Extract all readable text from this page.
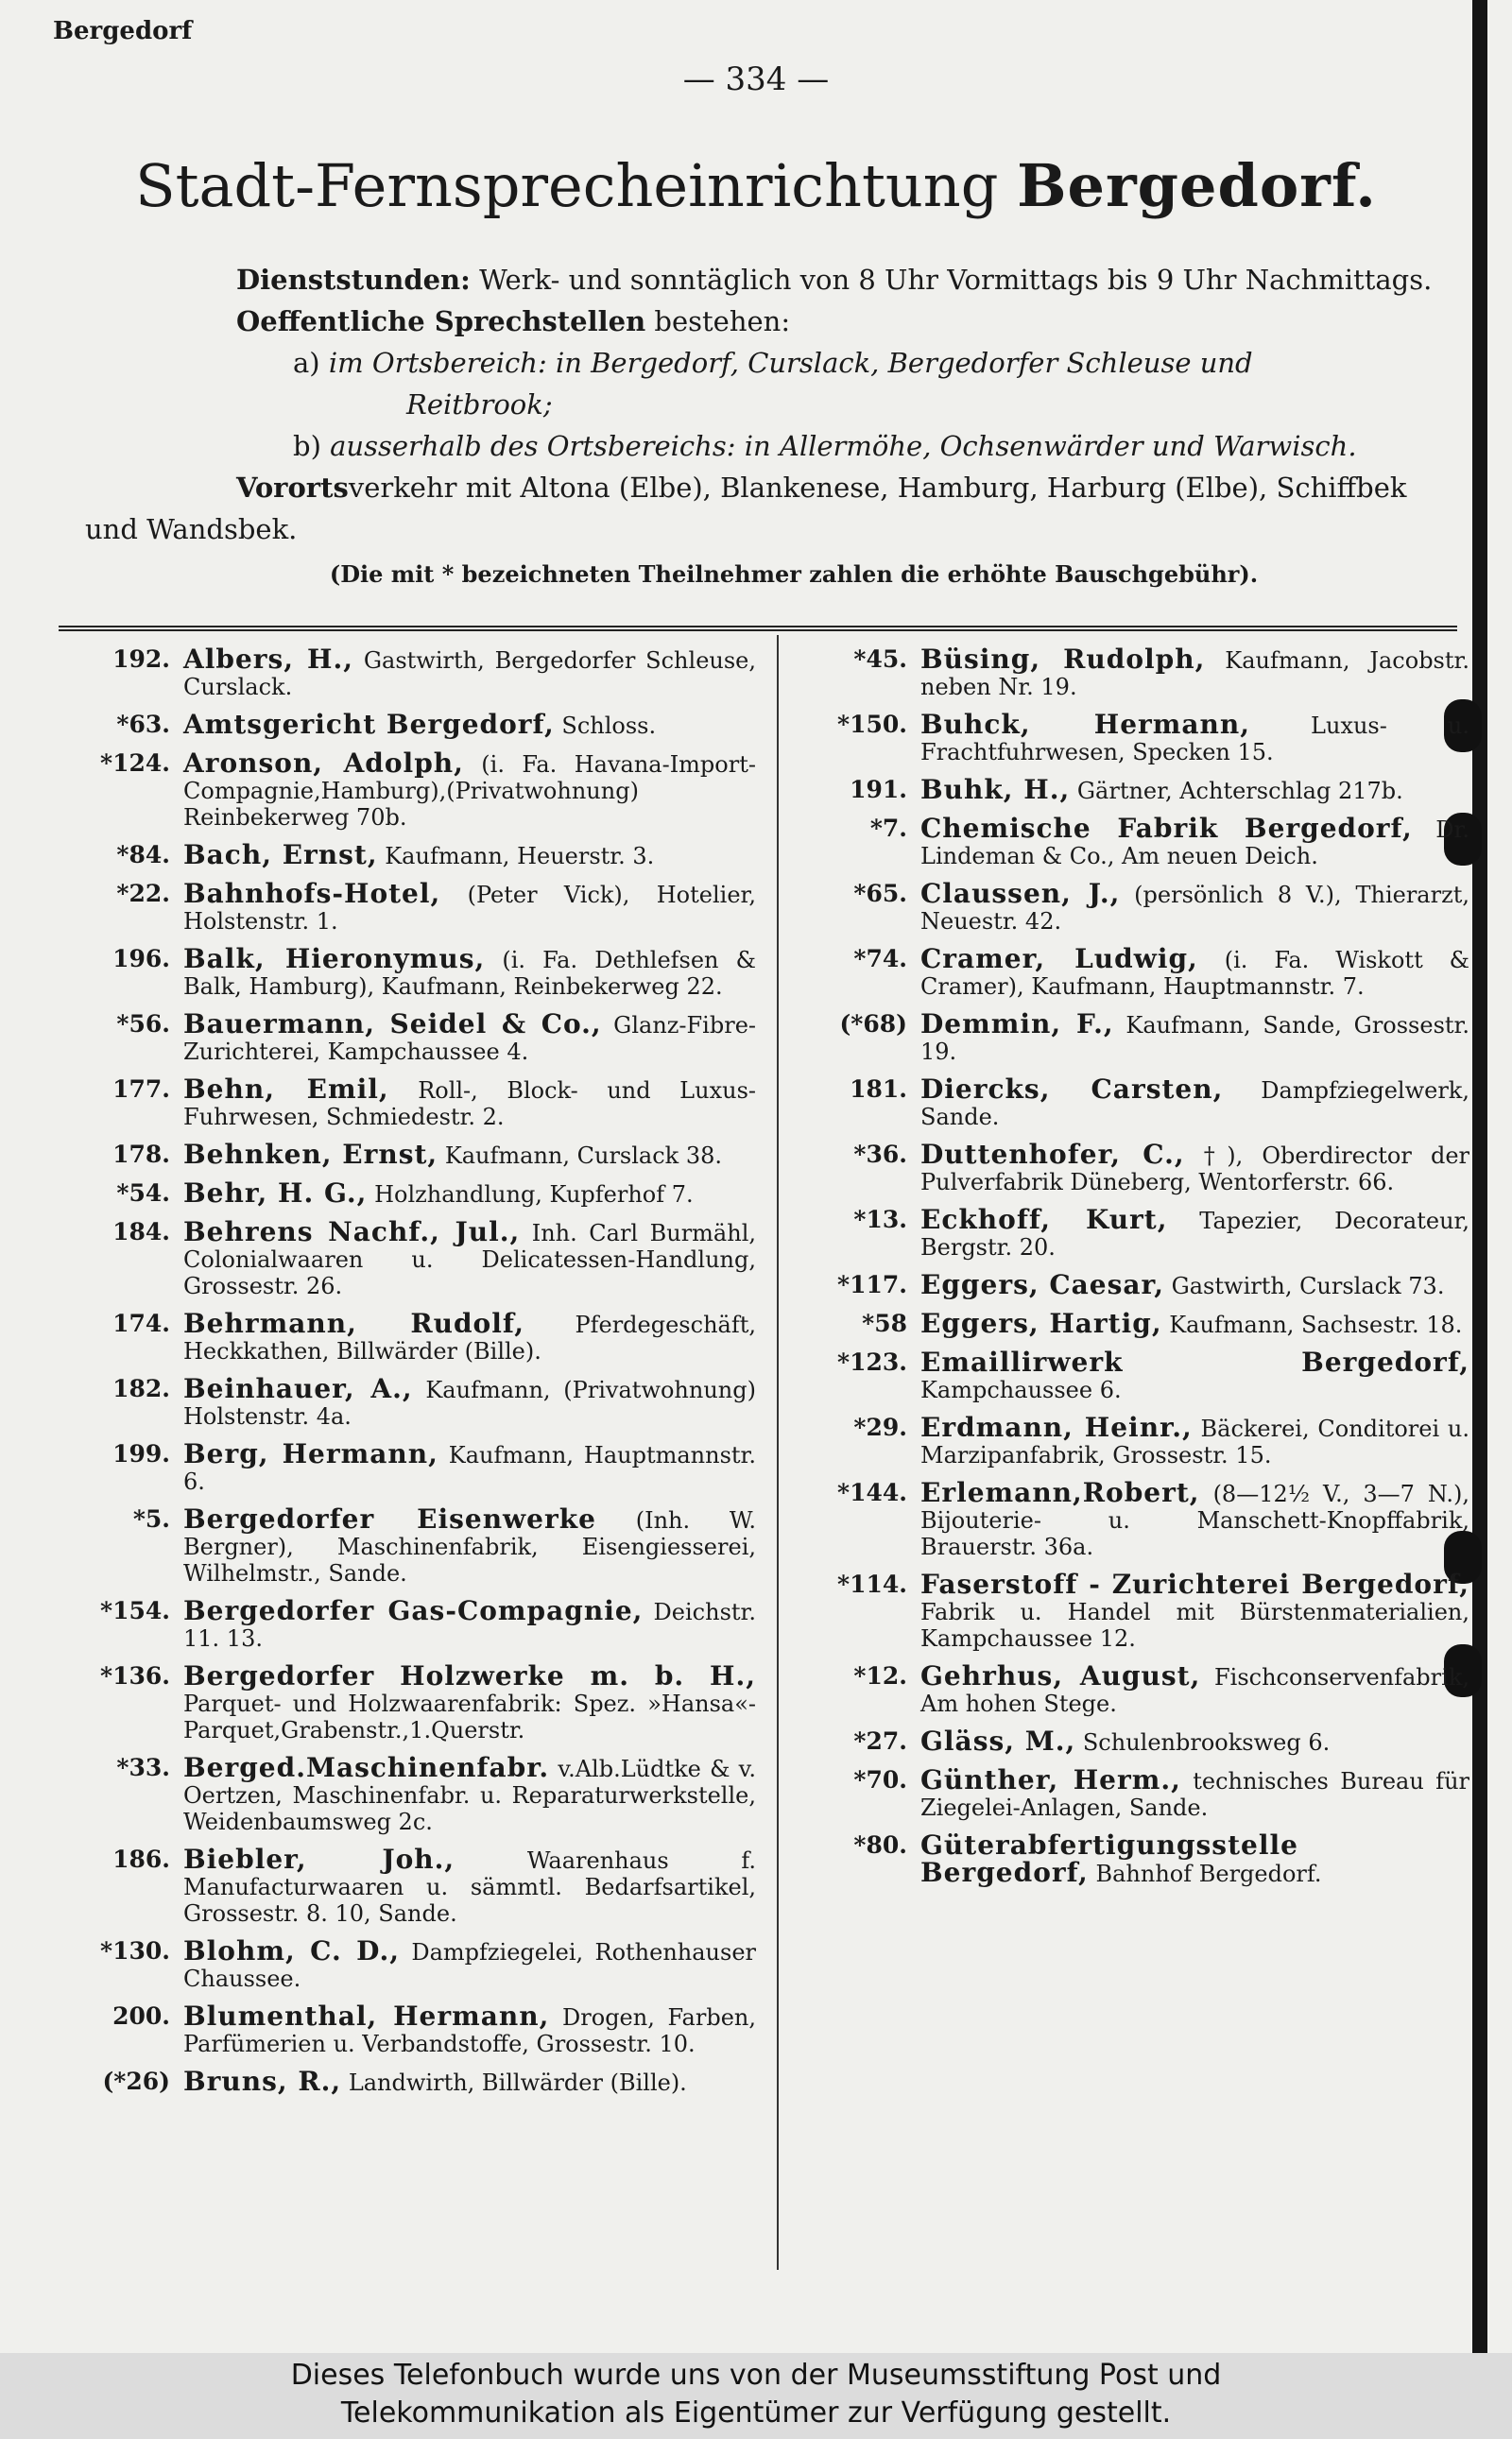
Bergedorf
— 334 —
Stadt-Fernsprecheinrichtung Bergedorf.

Dienststunden: Werk- und sonntäglich von 8 Uhr Vormittags bis 9 Uhr Nachmittags.

Oeffentliche Sprechstellen bestehen:

a) im Ortsbereich: in Bergedorf, Curslack, Bergedorfer Schleuse und

Reitbrook;

b) ausserhalb des Ortsbereichs: in Allermöhe, Ochsenwärder und Warwisch.

Vorortsverkehr mit Altona (Elbe), Blankenese, Hamburg, Harburg (Elbe), Schiffbek

und Wandsbek.

(Die mit * bezeichneten Theilnehmer zahlen die erhöhte Bauschgebühr).

192. Albers, H., Gastwirth, Bergedorfer Schleuse, Curslack.
*63. Amtsgericht Bergedorf, Schloss.
*124. Aronson, Adolph, (i. Fa. Havana-Import-Compagnie,Hamburg),(Privatwohnung) Reinbekerweg 70b.
*84. Bach, Ernst, Kaufmann, Heuerstr. 3.
*22. Bahnhofs-Hotel, (Peter Vick), Hotelier, Holstenstr. 1.
196. Balk, Hieronymus, (i. Fa. Dethlefsen & Balk, Hamburg), Kaufmann, Reinbekerweg 22.
*56. Bauermann, Seidel & Co., Glanz-Fibre-Zurichterei, Kampchaussee 4.
177. Behn, Emil, Roll-, Block- und Luxus-Fuhrwesen, Schmiedestr. 2.
178. Behnken, Ernst, Kaufmann, Curslack 38.
*54. Behr, H. G., Holzhandlung, Kupferhof 7.
184. Behrens Nachf., Jul., Inh. Carl Burmähl, Colonialwaaren u. Delicatessen-Handlung, Grossestr. 26.
174. Behrmann, Rudolf, Pferdegeschäft, Heckkathen, Billwärder (Bille).
182. Beinhauer, A., Kaufmann, (Privatwohnung) Holstenstr. 4a.
199. Berg, Hermann, Kaufmann, Hauptmannstr. 6.
*5. Bergedorfer Eisenwerke (Inh. W. Bergner), Maschinenfabrik, Eisengiesserei, Wilhelmstr., Sande.
*154. Bergedorfer Gas-Compagnie, Deichstr. 11. 13.
*136. Bergedorfer Holzwerke m. b. H., Parquet- und Holzwaarenfabrik: Spez. »Hansa«-Parquet,Grabenstr.,1.Querstr.
*33. Berged.Maschinenfabr. v.Alb.Lüdtke & v. Oertzen, Maschinenfabr. u. Reparaturwerkstelle, Weidenbaumsweg 2c.
186. Biebler, Joh.,	Waarenhaus f. Manufacturwaaren u. sämmtl. Bedarfsartikel, Grossestr. 8. 10, Sande.
*130. Blohm, C. D., Dampfziegelei, Rothenhauser Chaussee.
200. Blumenthal, Hermann, Drogen, Farben, Parfümerien u. Verbandstoffe, Grossestr. 10.
(*26) Bruns, R., Landwirth, Billwärder (Bille).
*45. Büsing, Rudolph, Kaufmann, Jacobstr. neben Nr. 19.
*150. Buhck, Hermann,	Luxus- u. Frachtfuhrwesen, Specken 15.
191. Buhk, H., Gärtner, Achterschlag 217b.
*7. Chemische Fabrik Bergedorf, Dr. Lindeman & Co., Am neuen Deich.
*65. Claussen, J., (persönlich 8 V.), Thierarzt, Neuestr. 42.
*74. Cramer, Ludwig, (i. Fa. Wiskott & Cramer), Kaufmann, Hauptmannstr. 7.
(*68) Demmin, F., Kaufmann, Sande, Grossestr. 19.
181. Diercks, Carsten, Dampfziegelwerk, Sande.
*36. Duttenhofer, C., †), Oberdirector der Pulverfabrik Düneberg, Wentorferstr. 66.
*13. Eckhoff, Kurt, Tapezier, Decorateur, Bergstr. 20.
*117. Eggers, Caesar, Gastwirth, Curslack 73.
*58 Eggers, Hartig, Kaufmann, Sachsestr. 18.
*123. Emaillirwerk Bergedorf, Kampchaussee 6.
*29. Erdmann, Heinr., Bäckerei, Conditorei u. Marzipanfabrik, Grossestr. 15.
*144. Erlemann,Robert, (8—12½ V., 3—7 N.), Bijouterie- u. Manschett-Knopffabrik, Brauerstr. 36a.
*114. Faserstoff - Zurichterei Bergedorf, Fabrik u. Handel mit Bürstenmaterialien, Kampchaussee 12.
*12. Gehrhus, August, Fischconservenfabrik, Am hohen Stege.
*27. Gläss, M., Schulenbrooksweg 6.
*70. Günther, Herm., technisches Bureau für Ziegelei-Anlagen, Sande.
*80. Güterabfertigungsstelle Bergedorf, Bahnhof Bergedorf.
Dieses Telefonbuch wurde uns von der Museumsstiftung Post und
Telekommunikation als Eigentümer zur Verfügung gestellt.
